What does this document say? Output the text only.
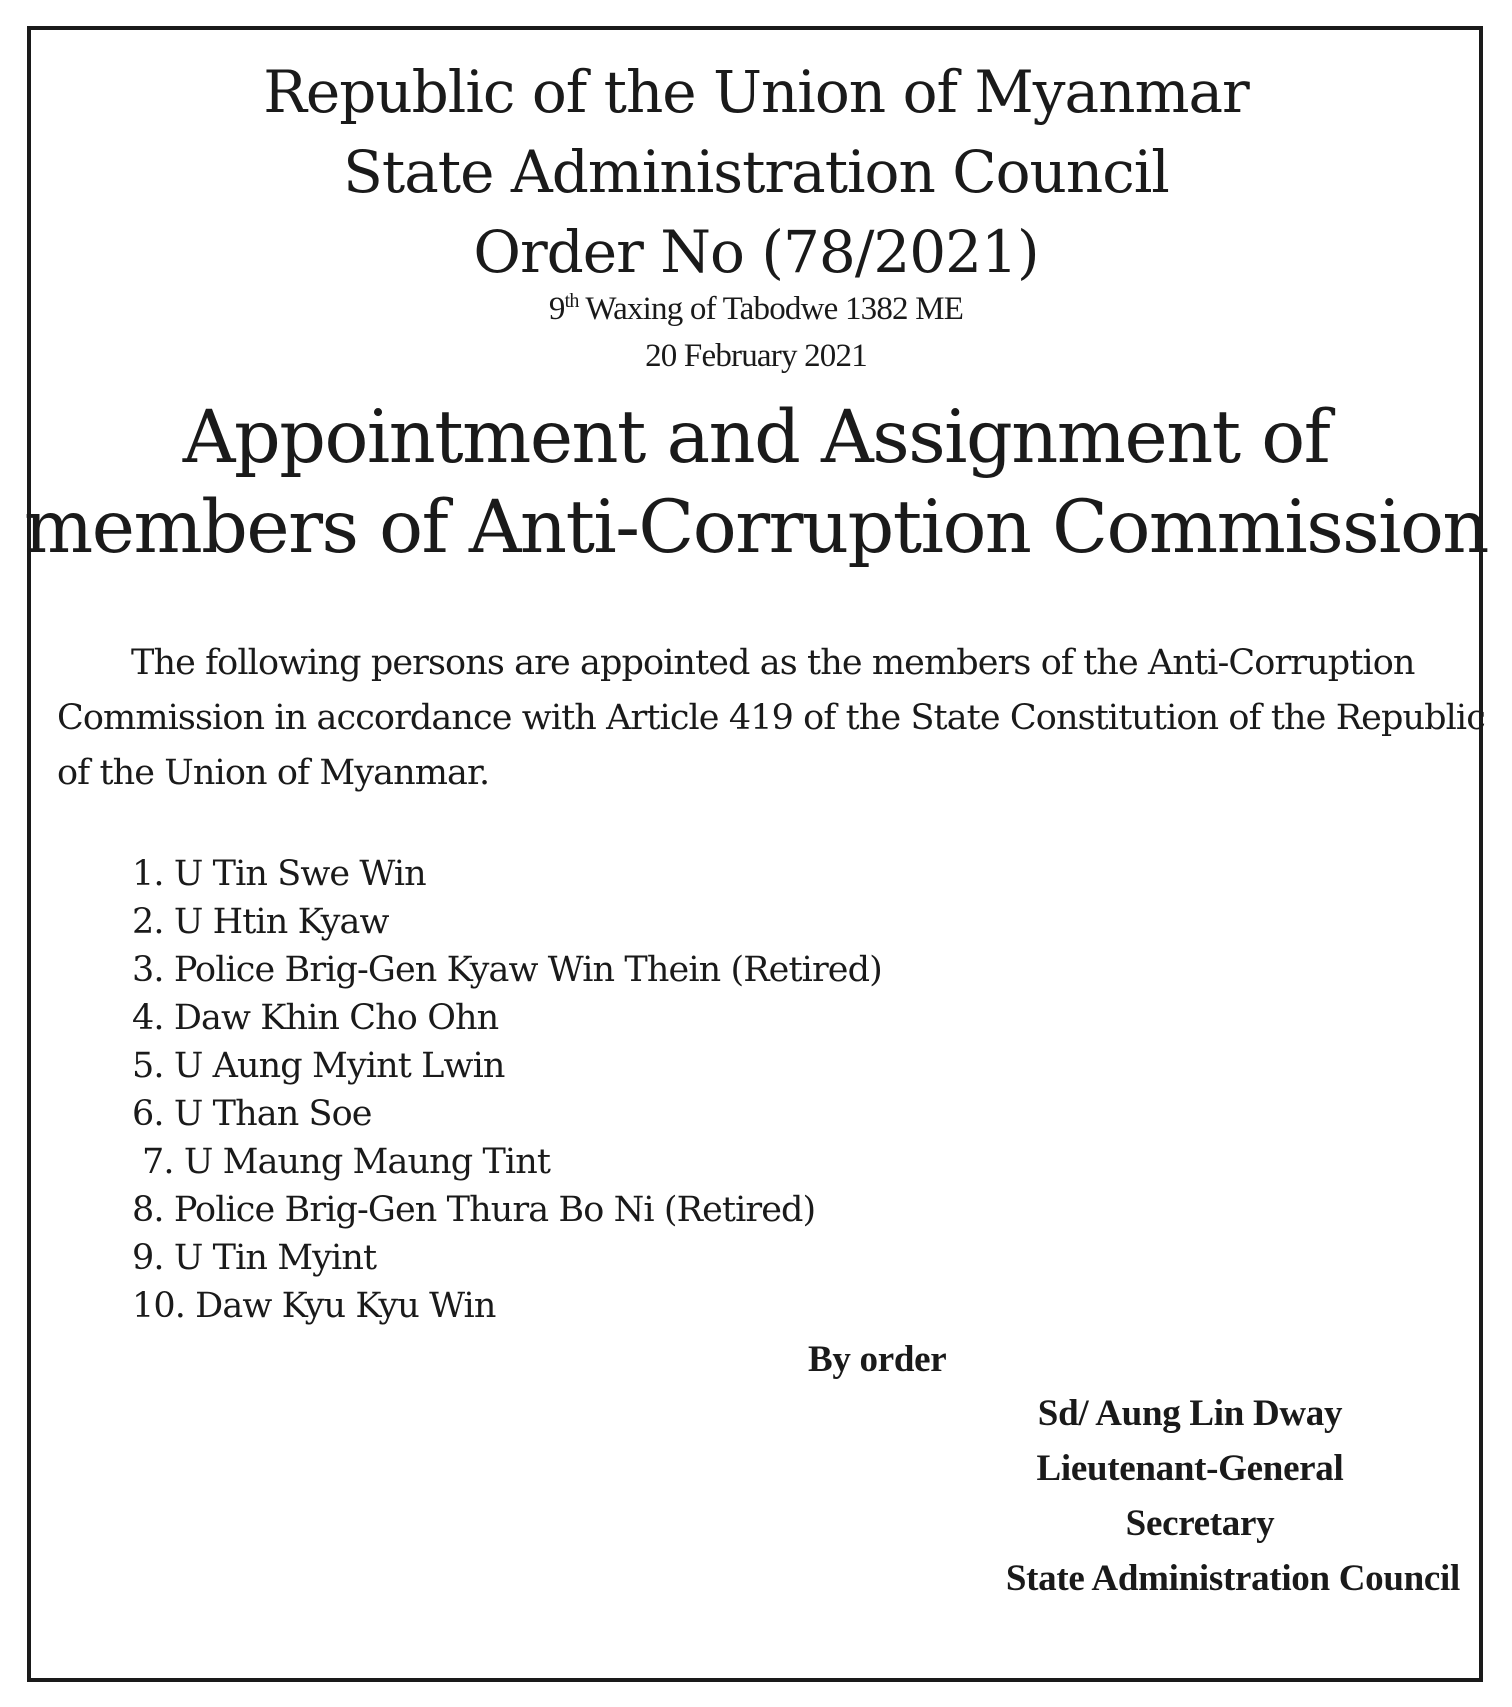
Republic of the Union of Myanmar
State Administration Council
Order No (78/2021)
9th Waxing of Tabodwe 1382 ME
20 February 2021
Appointment and Assignment of
members of Anti-Corruption Commission
The following persons are appointed as the members of the Anti-Corruption
Commission in accordance with Article 419 of the State Constitution of the Republic
of the Union of Myanmar.
1. U Tin Swe Win
2. U Htin Kyaw
3. Police Brig-Gen Kyaw Win Thein (Retired)
4. Daw Khin Cho Ohn
5. U Aung Myint Lwin
6. U Than Soe
7. U Maung Maung Tint
8. Police Brig-Gen Thura Bo Ni (Retired)
9. U Tin Myint
10. Daw Kyu Kyu Win
By order
Sd/ Aung Lin Dway
Lieutenant-General
Secretary
State Administration Council
